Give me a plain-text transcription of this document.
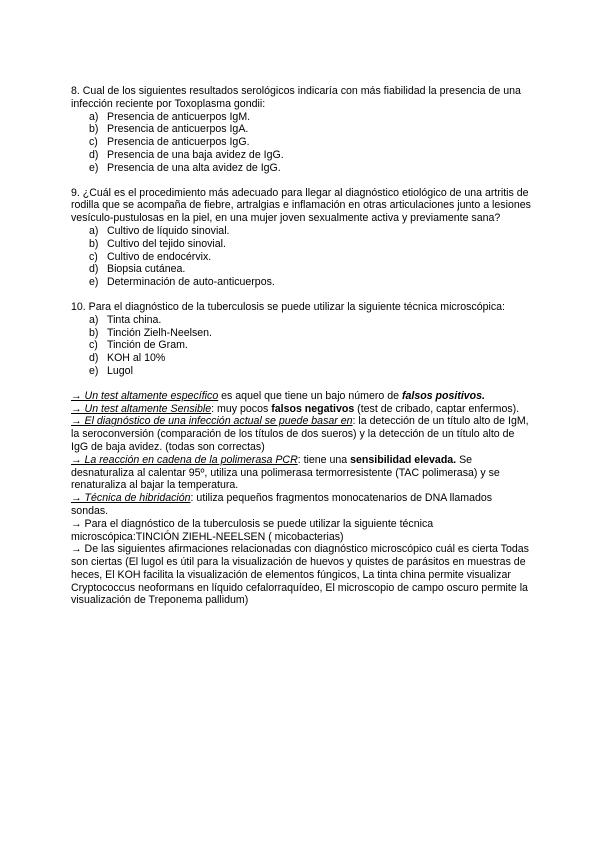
8. Cual de los siguientes resultados serológicos indicaría con más fiabilidad la presencia de una infección reciente por Toxoplasma gondii:

a) Presencia de anticuerpos IgM.
b) Presencia de anticuerpos IgA.
c) Presencia de anticuerpos IgG.
d) Presencia de una baja avidez de IgG.
e) Presencia de una alta avidez de IgG.

9. ¿Cuál es el procedimiento más adecuado para llegar al diagnóstico etiológico de una artritis de rodilla que se acompaña de fiebre, artralgias e inflamación en otras articulaciones junto a lesiones vesículo-pustulosas en la piel, en una mujer joven sexualmente activa y previamente sana?

a) Cultivo de líquido sinovial.
b) Cultivo del tejido sinovial.
c) Cultivo de endocérvix.
d) Biopsia cutánea.
e) Determinación de auto-anticuerpos.

10. Para el diagnóstico de la tuberculosis se puede utilizar la siguiente técnica microscópica:

a) Tinta china.
b) Tinción Zielh-Neelsen.
c) Tinción de Gram.
d) KOH al 10%
e) Lugol

→ Un test altamente específico es aquel que tiene un bajo número de falsos positivos.

→ Un test altamente Sensible: muy pocos falsos negativos (test de cribado, captar enfermos).

→ El diagnóstico de una infección actual se puede basar en: la detección de un título alto de IgM, la seroconversión (comparación de los títulos de dos sueros) y la detección de un título alto de IgG de baja avidez. (todas son correctas)

→ La reacción en cadena de la polimerasa PCR: tiene una sensibilidad elevada. Se desnaturaliza al calentar 95º, utiliza una polimerasa termorresistente (TAC polimerasa) y se renaturaliza al bajar la temperatura.

→ Técnica de hibridación: utiliza pequeños fragmentos monocatenarios de DNA llamados sondas.

→ Para el diagnóstico de la tuberculosis se puede utilizar la siguiente técnica microscópica:TINCIÓN ZIEHL-NEELSEN ( micobacterias)

→ De las siguientes afirmaciones relacionadas con diagnóstico microscópico cuál es cierta Todas son ciertas (El lugol es útil para la visualización de huevos y quistes de parásitos en muestras de heces, El KOH facilita la visualización de elementos fúngicos, La tinta china permite visualizar Cryptococcus neoformans en líquido cefalorraquídeo, El microscopio de campo oscuro permite la visualización de Treponema pallidum)
